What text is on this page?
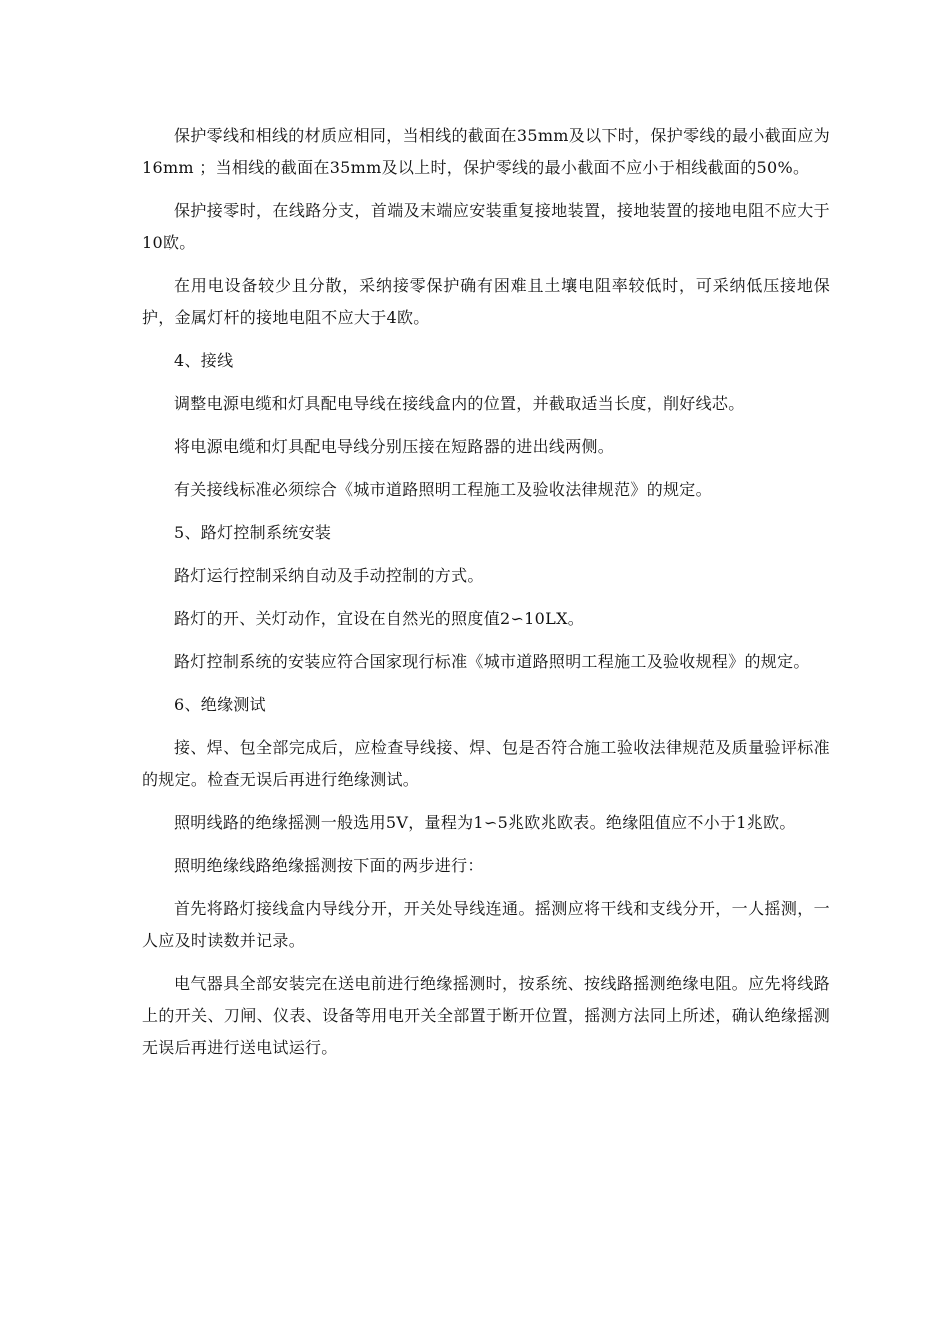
保护零线和相线的材质应相同，当相线的截面在35mm及以下时，保护零线的最小截面应为16mm ；当相线的截面在35mm及以上时，保护零线的最小截面不应小于相线截面的50%。

保护接零时，在线路分支，首端及末端应安装重复接地装置，接地装置的接地电阻不应大于10欧。

在用电设备较少且分散，采纳接零保护确有困难且土壤电阻率较低时，可采纳低压接地保护，金属灯杆的接地电阻不应大于4欧。

4、接线

调整电源电缆和灯具配电导线在接线盒内的位置，并截取适当长度，削好线芯。

将电源电缆和灯具配电导线分别压接在短路器的进出线两侧。

有关接线标准必须综合《城市道路照明工程施工及验收法律规范》的规定。

5、路灯控制系统安装

路灯运行控制采纳自动及手动控制的方式。

路灯的开、关灯动作，宜设在自然光的照度值2∽10LX。

路灯控制系统的安装应符合国家现行标准《城市道路照明工程施工及验收规程》的规定。

6、绝缘测试

接、焊、包全部完成后，应检查导线接、焊、包是否符合施工验收法律规范及质量验评标准的规定。检查无误后再进行绝缘测试。

照明线路的绝缘摇测一般选用5V，量程为1∽5兆欧兆欧表。绝缘阻值应不小于1兆欧。

照明绝缘线路绝缘摇测按下面的两步进行：

首先将路灯接线盒内导线分开，开关处导线连通。摇测应将干线和支线分开，一人摇测，一人应及时读数并记录。

电气器具全部安装完在送电前进行绝缘摇测时，按系统、按线路摇测绝缘电阻。应先将线路上的开关、刀闸、仪表、设备等用电开关全部置于断开位置，摇测方法同上所述，确认绝缘摇测无误后再进行送电试运行。
